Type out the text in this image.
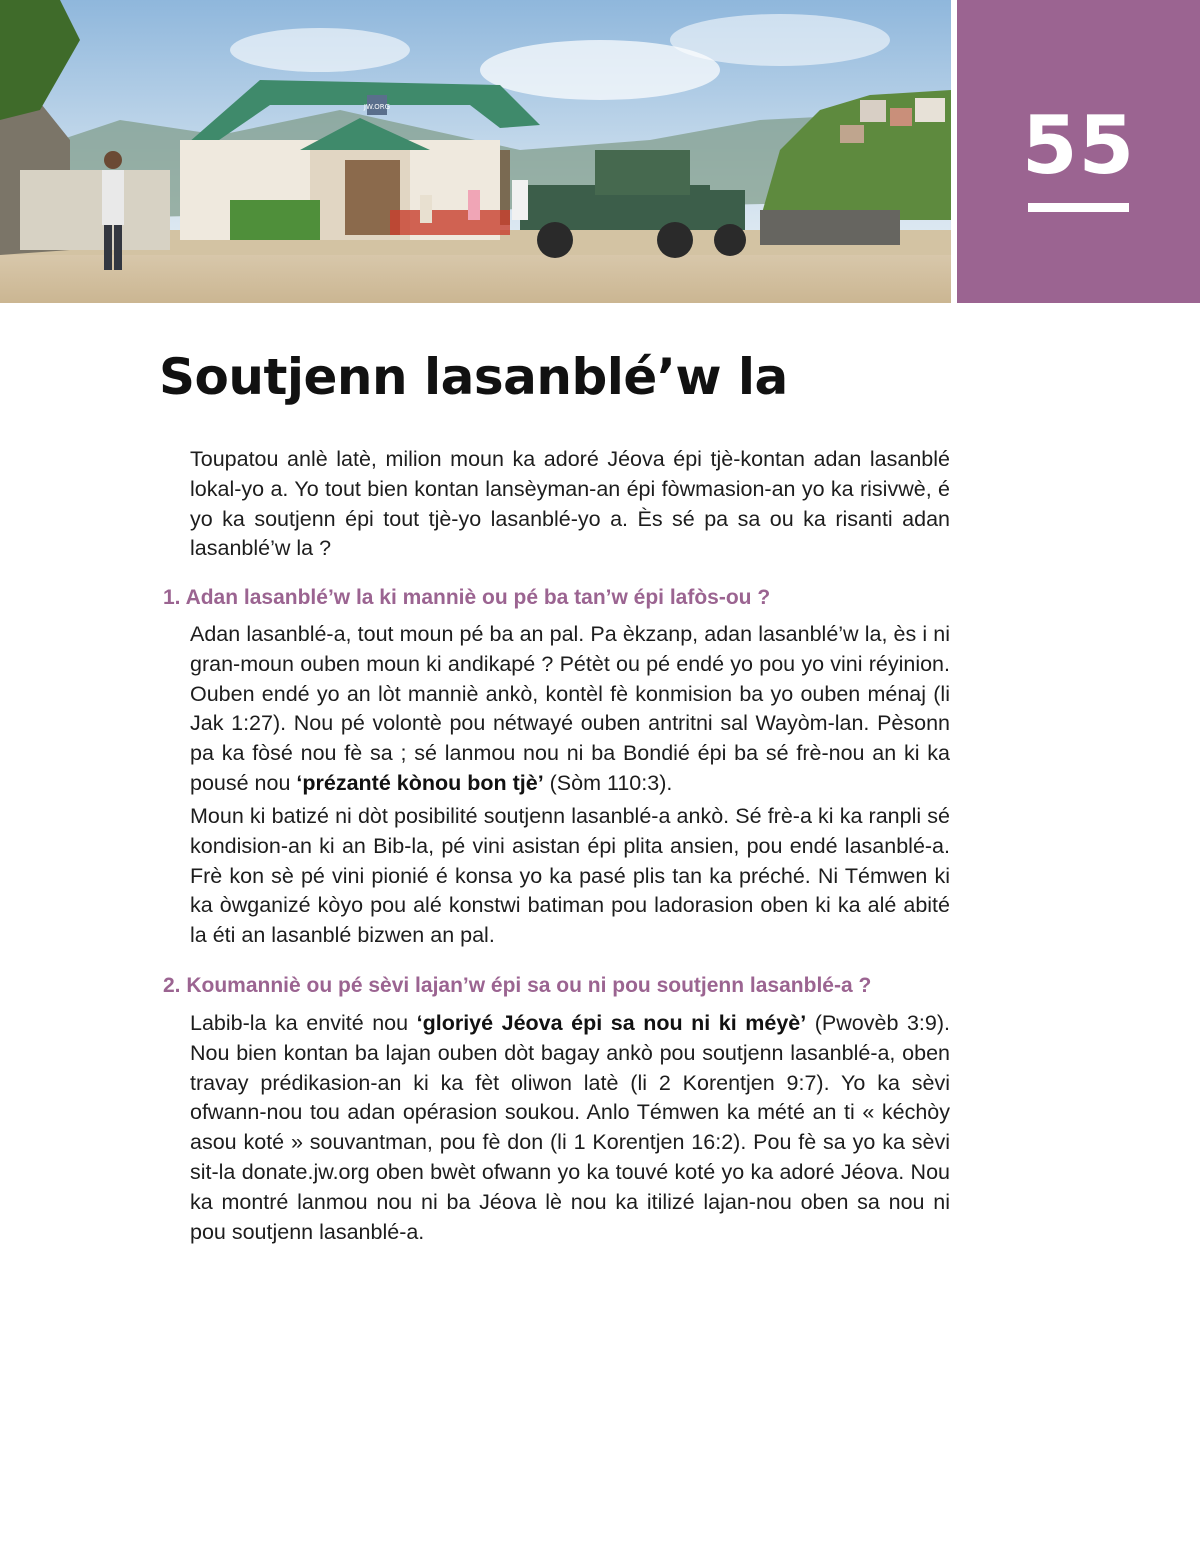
JW.ORG	55
Soutjenn lasanblé’w la

Toupatou anlè latè, milion moun ka adoré Jéova épi tjè-kontan adan lasanblé lokal-yo a. Yo tout bien kontan lansèyman-an épi fòwmasion-an yo ka risivwè, é yo ka soutjenn épi tout tjè-yo lasanblé-yo a. Ès sé pa sa ou ka risanti adan lasanblé’w la ?

1. Adan lasanblé’w la ki manniè ou pé ba tan’w épi lafòs-ou ?

Adan lasanblé-a, tout moun pé ba an pal. Pa èkzanp, adan lasanblé’w la, ès i ni gran-moun ouben moun ki andikapé ? Pétèt ou pé endé yo pou yo vini réyinion. Ouben endé yo an lòt manniè ankò, kontèl fè konmision ba yo ouben ménaj (li Jak 1:27). Nou pé volontè pou nétwayé ouben antritni sal Wayòm-lan. Pèsonn pa ka fòsé nou fè sa ; sé lanmou nou ni ba Bondié épi ba sé frè-nou an ki ka pousé nou ‘prézanté kònou bon tjè’ (Sòm 110:3).

Moun ki batizé ni dòt posibilité soutjenn lasanblé-a ankò. Sé frè-a ki ka ranpli sé kondision-an ki an Bib-la, pé vini asistan épi plita ansien, pou endé lasanblé-a. Frè kon sè pé vini pionié é konsa yo ka pasé plis tan ka préché. Ni Témwen ki ka òwganizé kòyo pou alé konstwi batiman pou ladorasion oben ki ka alé abité la éti an lasanblé bizwen an pal.

2. Koumanniè ou pé sèvi lajan’w épi sa ou ni pou soutjenn lasanblé-a ?

Labib-la ka envité nou ‘gloriyé Jéova épi sa nou ni ki méyè’ (Pwovèb 3:9). Nou bien kontan ba lajan ouben dòt bagay ankò pou soutjenn lasanblé-a, oben travay prédikasion-an ki ka fèt oliwon latè (li 2 Korentjen 9:7). Yo ka sèvi ofwann-nou tou adan opérasion soukou. Anlo Témwen ka mété an ti « kéchòy asou koté » souvantman, pou fè don (li 1 Korentjen 16:2). Pou fè sa yo ka sèvi sit-la donate.jw.org oben bwèt ofwann yo ka touvé koté yo ka adoré Jéova. Nou ka montré lanmou nou ni ba Jéova lè nou ka itilizé lajan-nou oben sa nou ni pou soutjenn lasanblé-a.
